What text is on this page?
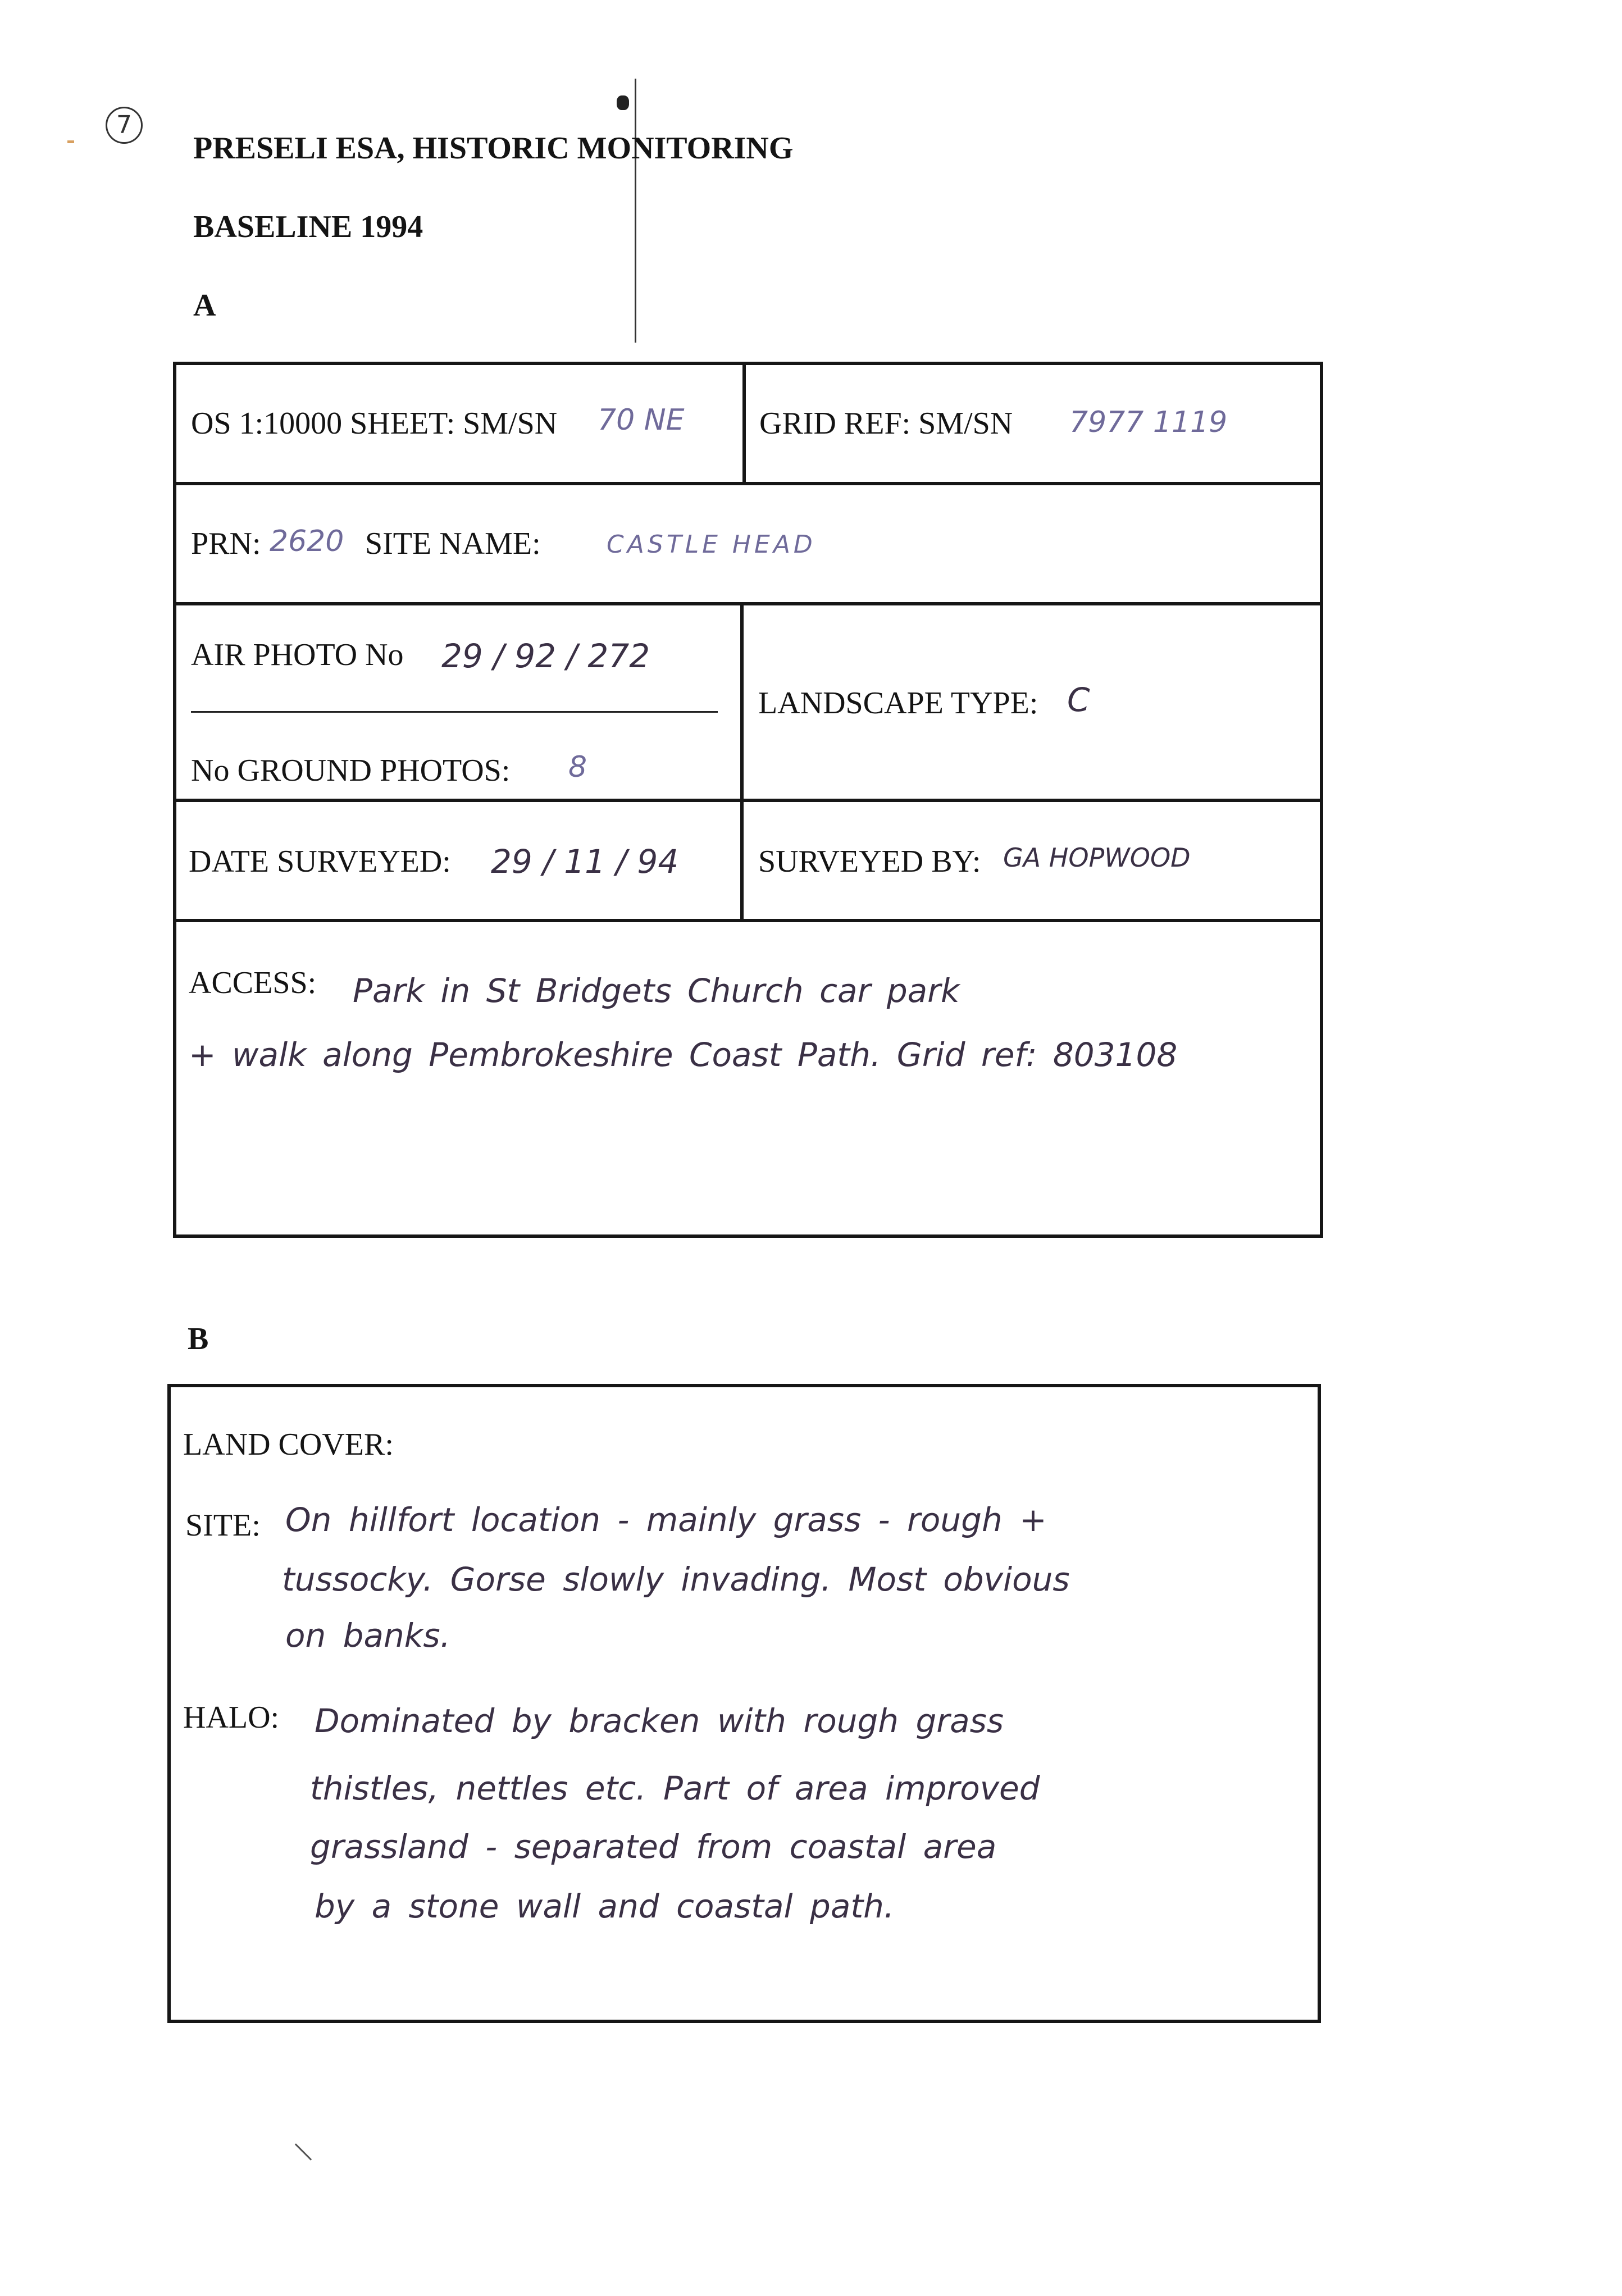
7
PRESELI ESA, HISTORIC MONITORING
BASELINE 1994
A
OS 1:10000 SHEET: SM/SN 70 NE GRID REF: SM/SN 7977 1119
PRN: 2620 SITE NAME:	CASTLE HEAD
AIR PHOTO No 29 / 92 / 272
No GROUND PHOTOS: 8
LANDSCAPE TYPE: C
DATE SURVEYED: 29 / 11 / 94	SURVEYED BY: GA HOPWOOD
ACCESS: Park in St Bridgets Church car park
+ walk along Pembrokeshire Coast Path. Grid ref: 803108
B
LAND COVER:
SITE: On hillfort location - mainly grass - rough +
tussocky. Gorse slowly invading. Most obvious
on banks.
HALO: Dominated by bracken with rough grass
thistles, nettles etc. Part of area improved
grassland - separated from coastal area
by a stone wall and coastal path.
